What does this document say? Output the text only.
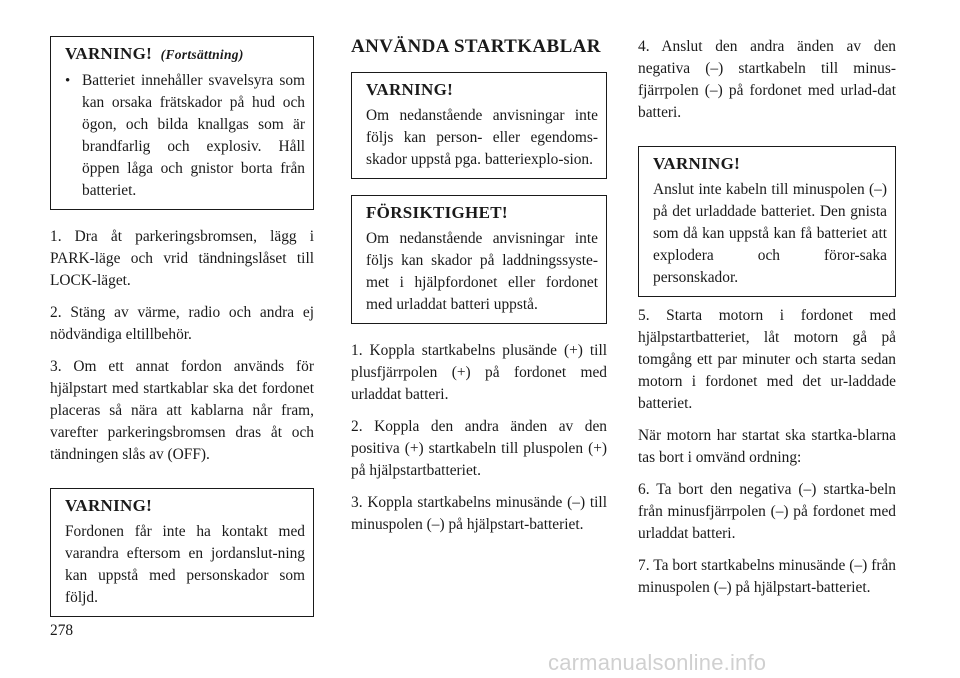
VARNING! (Fortsättning)
• Batteriet innehåller svavelsyra som kan orsaka frätskador på hud och ögon, och bilda knallgas som är brandfarlig och explosiv. Håll öppen låga och gnistor borta från batteriet.

1. Dra åt parkeringsbromsen, lägg i PARK-läge och vrid tändningslåset till LOCK-läget.

2. Stäng av värme, radio och andra ej nödvändiga eltillbehör.

3. Om ett annat fordon används för hjälpstart med startkablar ska det fordonet placeras så nära att kablarna når fram, varefter parkeringsbromsen dras åt och tändningen slås av (OFF).

VARNING!
Fordonen får inte ha kontakt med varandra eftersom en jordanslut-ning kan uppstå med personskador som följd.
ANVÄNDA STARTKABLAR
VARNING!
Om nedanstående anvisningar inte följs kan person- eller egendoms-skador uppstå pga. batteriexplo-sion.
FÖRSIKTIGHET!
Om nedanstående anvisningar inte följs kan skador på laddningssyste-met i hjälpfordonet eller fordonet med urladdat batteri uppstå.

1. Koppla startkabelns plusände (+) till plusfjärrpolen (+) på fordonet med urladdat batteri.

2. Koppla den andra änden av den positiva (+) startkabeln till pluspolen (+) på hjälpstartbatteriet.

3. Koppla startkabelns minusände (–) till minuspolen (–) på hjälpstart-batteriet.

4. Anslut den andra änden av den negativa (–) startkabeln till minus-fjärrpolen (–) på fordonet med urlad-dat batteri.

VARNING!
Anslut inte kabeln till minuspolen (–) på det urladdade batteriet. Den gnista som då kan uppstå kan få batteriet att explodera och föror-saka personskador.

5. Starta motorn i fordonet med hjälpstartbatteriet, låt motorn gå på tomgång ett par minuter och starta sedan motorn i fordonet med det ur-laddade batteriet.

När motorn har startat ska startka-blarna tas bort i omvänd ordning:

6. Ta bort den negativa (–) startka-beln från minusfjärrpolen (–) på fordonet med urladdat batteri.

7. Ta bort startkabelns minusände (–) från minuspolen (–) på hjälpstart-batteriet.

278
carmanualsonline.info
